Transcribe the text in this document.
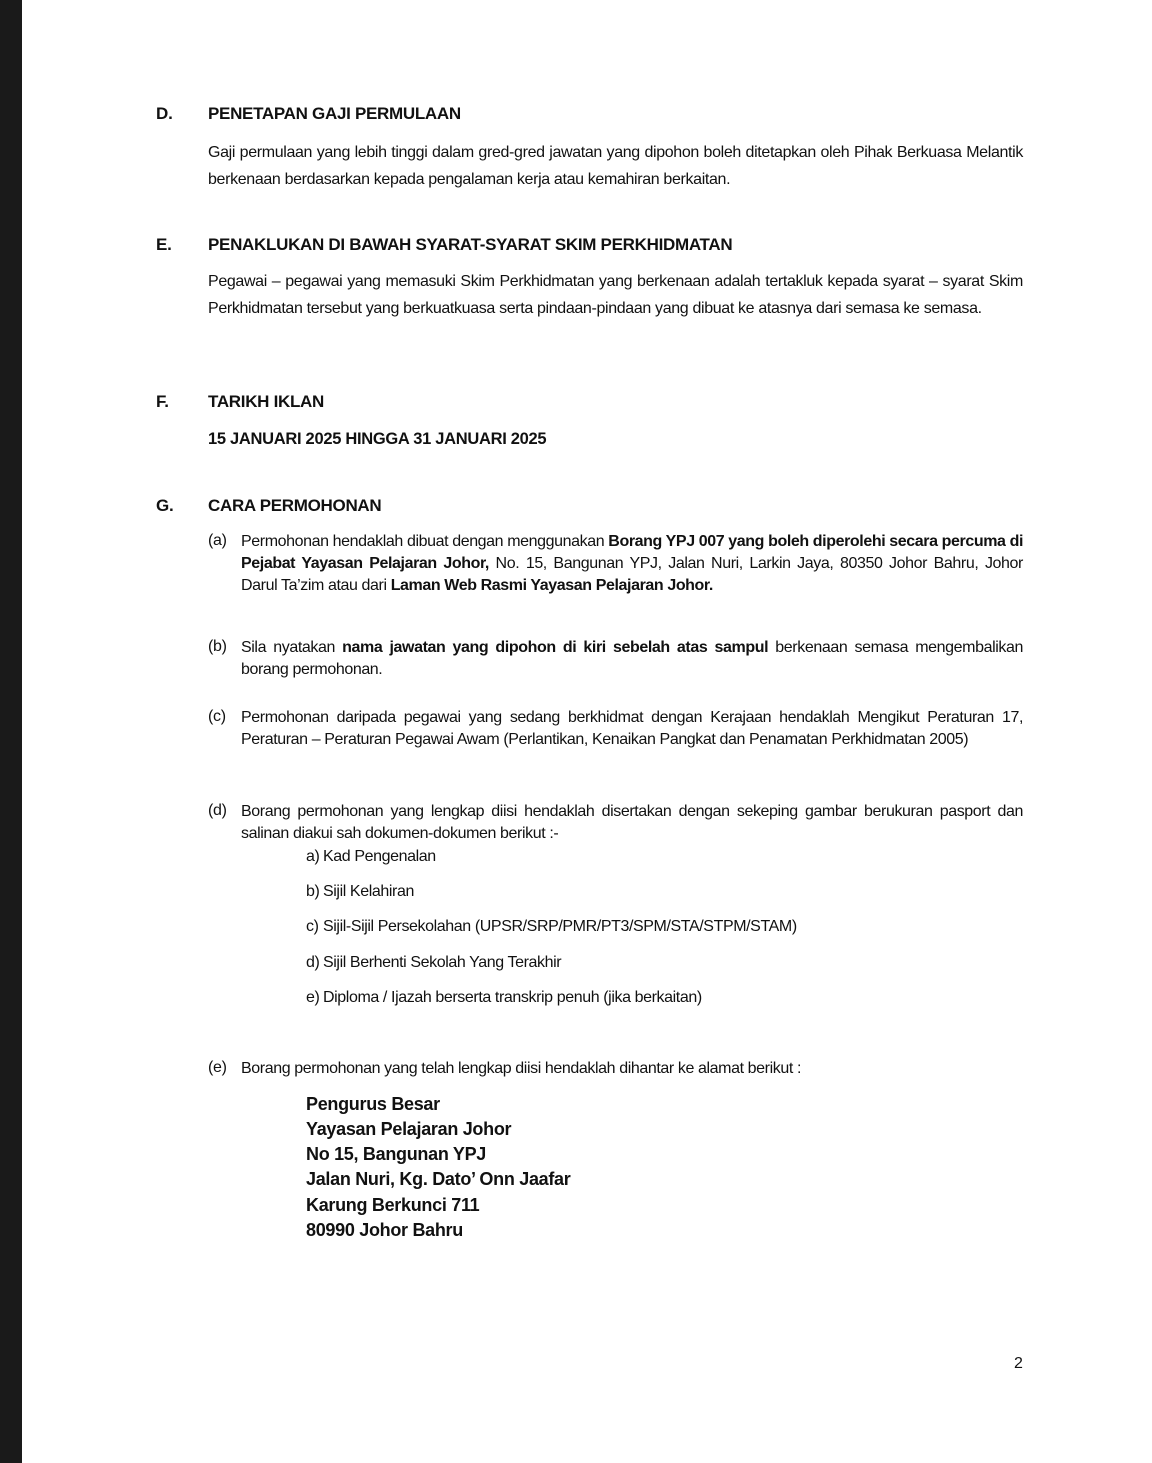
D. PENETAPAN GAJI PERMULAAN

Gaji permulaan yang lebih tinggi dalam gred-gred jawatan yang dipohon boleh ditetapkan oleh Pihak Berkuasa Melantik berkenaan berdasarkan kepada pengalaman kerja atau kemahiran berkaitan.

E. PENAKLUKAN DI BAWAH SYARAT-SYARAT SKIM PERKHIDMATAN

Pegawai – pegawai yang memasuki Skim Perkhidmatan yang berkenaan adalah tertakluk kepada syarat – syarat Skim Perkhidmatan tersebut yang berkuatkuasa serta pindaan-pindaan yang dibuat ke atasnya dari semasa ke semasa.

F. TARIKH IKLAN
15 JANUARI 2025 HINGGA 31 JANUARI 2025
G. CARA PERMOHONAN
(a) Permohonan hendaklah dibuat dengan menggunakan Borang YPJ 007 yang boleh diperolehi secara percuma di Pejabat Yayasan Pelajaran Johor, No. 15, Bangunan YPJ, Jalan Nuri, Larkin Jaya, 80350 Johor Bahru, Johor Darul Ta’zim atau dari Laman Web Rasmi Yayasan Pelajaran Johor.

(b) Sila nyatakan nama jawatan yang dipohon di kiri sebelah atas sampul berkenaan semasa mengembalikan borang permohonan.

(c) Permohonan daripada pegawai yang sedang berkhidmat dengan Kerajaan hendaklah Mengikut Peraturan 17, Peraturan – Peraturan Pegawai Awam (Perlantikan, Kenaikan Pangkat dan Penamatan Perkhidmatan 2005)

(d) Borang permohonan yang lengkap diisi hendaklah disertakan dengan sekeping gambar berukuran pasport dan salinan diakui sah dokumen-dokumen berikut :-

a) Kad Pengenalan
b) Sijil Kelahiran
c) Sijil-Sijil Persekolahan (UPSR/SRP/PMR/PT3/SPM/STA/STPM/STAM)
d) Sijil Berhenti Sekolah Yang Terakhir
e) Diploma / Ijazah berserta transkrip penuh (jika berkaitan)
(e) Borang permohonan yang telah lengkap diisi hendaklah dihantar ke alamat berikut :

Pengurus Besar
Yayasan Pelajaran Johor
No 15, Bangunan YPJ
Jalan Nuri, Kg. Dato’ Onn Jaafar
Karung Berkunci 711
80990 Johor Bahru
2
